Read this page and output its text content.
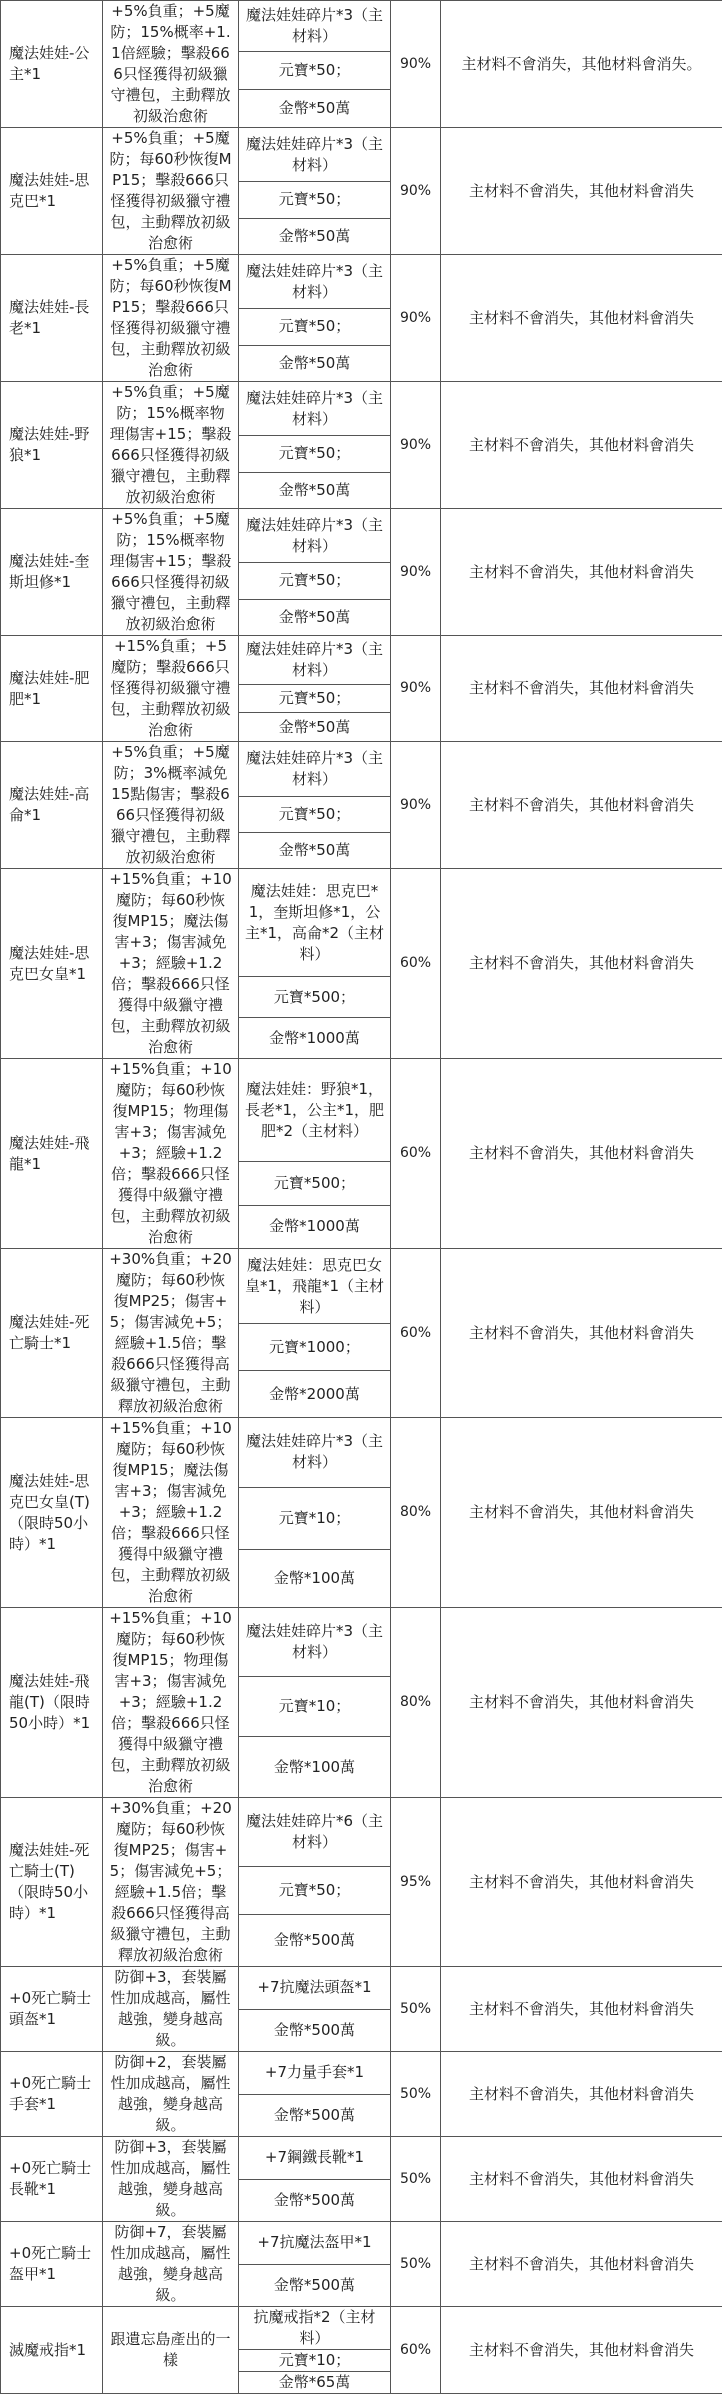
魔法娃娃-公主*1	+5%負重；+5魔防；15%概率+1.1倍經驗；擊殺666只怪獲得初級獵守禮包，主動釋放初級治愈術	魔法娃娃碎片*3（主材料）	90%	主材料不會消失，其他材料會消失。
		元寶*50；		
		金幣*50萬		
魔法娃娃-思克巴*1	+5%負重；+5魔防；每60秒恢復MP15；擊殺666只怪獲得初級獵守禮包，主動釋放初級治愈術	魔法娃娃碎片*3（主材料）	90%	主材料不會消失，其他材料會消失
		元寶*50；		
		金幣*50萬		
魔法娃娃-長老*1	+5%負重；+5魔防；每60秒恢復MP15；擊殺666只怪獲得初級獵守禮包，主動釋放初級治愈術	魔法娃娃碎片*3（主材料）	90%	主材料不會消失，其他材料會消失
		元寶*50；		
		金幣*50萬		
魔法娃娃-野狼*1	+5%負重；+5魔防；15%概率物理傷害+15；擊殺666只怪獲得初級獵守禮包，主動釋放初級治愈術	魔法娃娃碎片*3（主材料）	90%	主材料不會消失，其他材料會消失
		元寶*50；		
		金幣*50萬		
魔法娃娃-奎斯坦修*1	+5%負重；+5魔防；15%概率物理傷害+15；擊殺666只怪獲得初級獵守禮包，主動釋放初級治愈術	魔法娃娃碎片*3（主材料）	90%	主材料不會消失，其他材料會消失
		元寶*50；		
		金幣*50萬		
魔法娃娃-肥肥*1	+15%負重；+5魔防；擊殺666只怪獲得初級獵守禮包，主動釋放初級治愈術	魔法娃娃碎片*3（主材料）	90%	主材料不會消失，其他材料會消失
		元寶*50；		
		金幣*50萬		
魔法娃娃-高侖*1	+5%負重；+5魔防；3%概率減免15點傷害；擊殺666只怪獲得初級獵守禮包，主動釋放初級治愈術	魔法娃娃碎片*3（主材料）	90%	主材料不會消失，其他材料會消失
		元寶*50；		
		金幣*50萬		
魔法娃娃-思克巴女皇*1	+15%負重；+10魔防；每60秒恢復MP15；魔法傷害+3；傷害減免+3；經驗+1.2倍；擊殺666只怪獲得中級獵守禮包，主動釋放初級治愈術	魔法娃娃：思克巴*1，奎斯坦修*1，公主*1，高侖*2（主材料）	60%	主材料不會消失，其他材料會消失
		元寶*500；		
		金幣*1000萬		
魔法娃娃-飛龍*1	+15%負重；+10魔防；每60秒恢復MP15；物理傷害+3；傷害減免+3；經驗+1.2倍；擊殺666只怪獲得中級獵守禮包，主動釋放初級治愈術	魔法娃娃：野狼*1，長老*1，公主*1，肥肥*2（主材料）	60%	主材料不會消失，其他材料會消失
		元寶*500；		
		金幣*1000萬		
魔法娃娃-死亡騎士*1	+30%負重；+20魔防；每60秒恢復MP25；傷害+5；傷害減免+5；經驗+1.5倍；擊殺666只怪獲得高級獵守禮包，主動釋放初級治愈術	魔法娃娃：思克巴女皇*1，飛龍*1（主材料）	60%	主材料不會消失，其他材料會消失
		元寶*1000；		
		金幣*2000萬		
魔法娃娃-思克巴女皇(T)（限時50小時）*1	+15%負重；+10魔防；每60秒恢復MP15；魔法傷害+3；傷害減免+3；經驗+1.2倍；擊殺666只怪獲得中級獵守禮包，主動釋放初級治愈術	魔法娃娃碎片*3（主材料）	80%	主材料不會消失，其他材料會消失
		元寶*10；		
		金幣*100萬		
魔法娃娃-飛龍(T)（限時50小時）*1	+15%負重；+10魔防；每60秒恢復MP15；物理傷害+3；傷害減免+3；經驗+1.2倍；擊殺666只怪獲得中級獵守禮包，主動釋放初級治愈術	魔法娃娃碎片*3（主材料）	80%	主材料不會消失，其他材料會消失
		元寶*10；		
		金幣*100萬		
魔法娃娃-死亡騎士(T)（限時50小時）*1	+30%負重；+20魔防；每60秒恢復MP25；傷害+5；傷害減免+5；經驗+1.5倍；擊殺666只怪獲得高級獵守禮包，主動釋放初級治愈術	魔法娃娃碎片*6（主材料）	95%	主材料不會消失，其他材料會消失
		元寶*50；		
		金幣*500萬		
+0死亡騎士頭盔*1	防御+3，套裝屬性加成越高，屬性越強，變身越高級。	+7抗魔法頭盔*1	50%	主材料不會消失，其他材料會消失
		金幣*500萬		
+0死亡騎士手套*1	防御+2，套裝屬性加成越高，屬性越強，變身越高級。	+7力量手套*1	50%	主材料不會消失，其他材料會消失
		金幣*500萬		
+0死亡騎士長靴*1	防御+3，套裝屬性加成越高，屬性越強，變身越高級。	+7鋼鐵長靴*1	50%	主材料不會消失，其他材料會消失
		金幣*500萬		
+0死亡騎士盔甲*1	防御+7，套裝屬性加成越高，屬性越強，變身越高級。	+7抗魔法盔甲*1	50%	主材料不會消失，其他材料會消失
		金幣*500萬		
滅魔戒指*1	跟遺忘島產出的一樣	抗魔戒指*2（主材料）	60%	主材料不會消失，其他材料會消失
		元寶*10；		
		金幣*65萬		
